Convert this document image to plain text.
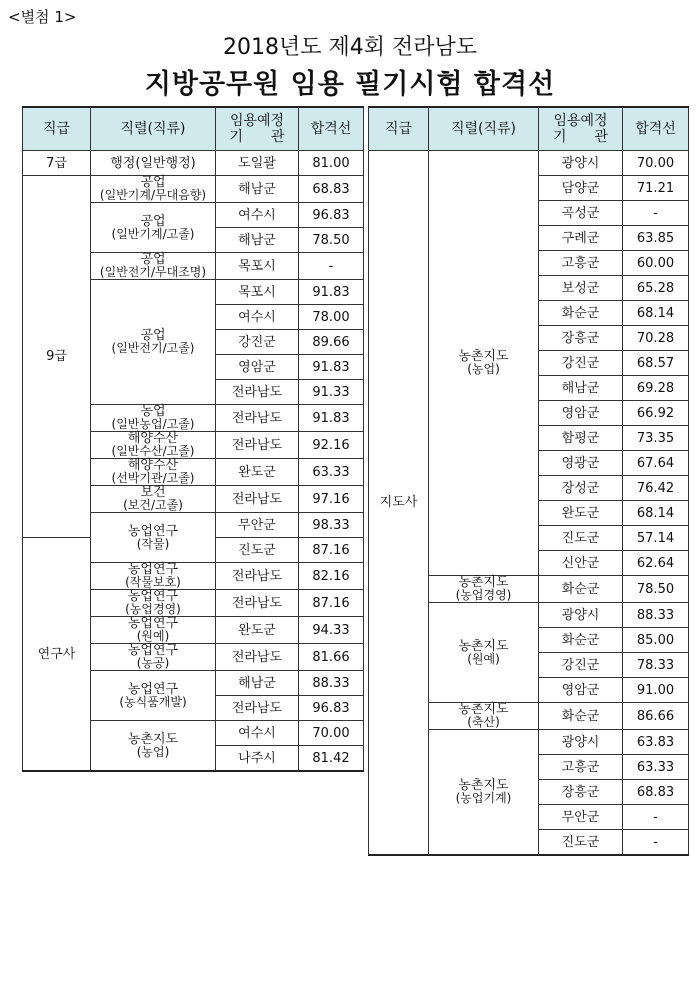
<별첨 1>
2018년도 제4회 전라남도
지방공무원 임용 필기시험 합격선
직급	직렬(직류)	임용예정
기　　관	합격선
7급	행정(일반행정)	도일괄	81.00
9급	공업
(일반기계/무대음향)	해남군	68.83
	공업
(일반기계/고졸)	여수시	96.83
		해남군	78.50
	공업
(일반전기/무대조명)	목포시	-
	공업
(일반전기/고졸)	목포시	91.83
		여수시	78.00
		강진군	89.66
		영암군	91.83
		전라남도	91.33
	농업
(일반농업/고졸)	전라남도	91.83
	해양수산
(일반수산/고졸)	전라남도	92.16
	해양수산
(선박기관/고졸)	완도군	63.33
	보건
(보건/고졸)	전라남도	97.16
	농업연구
(작물)	무안군	98.33
연구사		진도군	87.16
	농업연구
(작물보호)	전라남도	82.16
	농업연구
(농업경영)	전라남도	87.16
	농업연구
(원예)	완도군	94.33
	농업연구
(농공)	전라남도	81.66
	농업연구
(농식품개발)	해남군	88.33
		전라남도	96.83
	농촌지도
(농업)	여수시	70.00
		나주시	81.42
직급	직렬(직류)	임용예정
기　　관	합격선
지도사	농촌지도
(농업)	광양시	70.00
		담양군	71.21
		곡성군	-
		구례군	63.85
		고흥군	60.00
		보성군	65.28
		화순군	68.14
		장흥군	70.28
		강진군	68.57
		해남군	69.28
		영암군	66.92
		함평군	73.35
		영광군	67.64
		장성군	76.42
		완도군	68.14
		진도군	57.14
		신안군	62.64
	농촌지도
(농업경영)	화순군	78.50
	농촌지도
(원예)	광양시	88.33
		화순군	85.00
		강진군	78.33
		영암군	91.00
	농촌지도
(축산)	화순군	86.66
	농촌지도
(농업기계)	광양시	63.83
		고흥군	63.33
		장흥군	68.83
		무안군	-
		진도군	-
